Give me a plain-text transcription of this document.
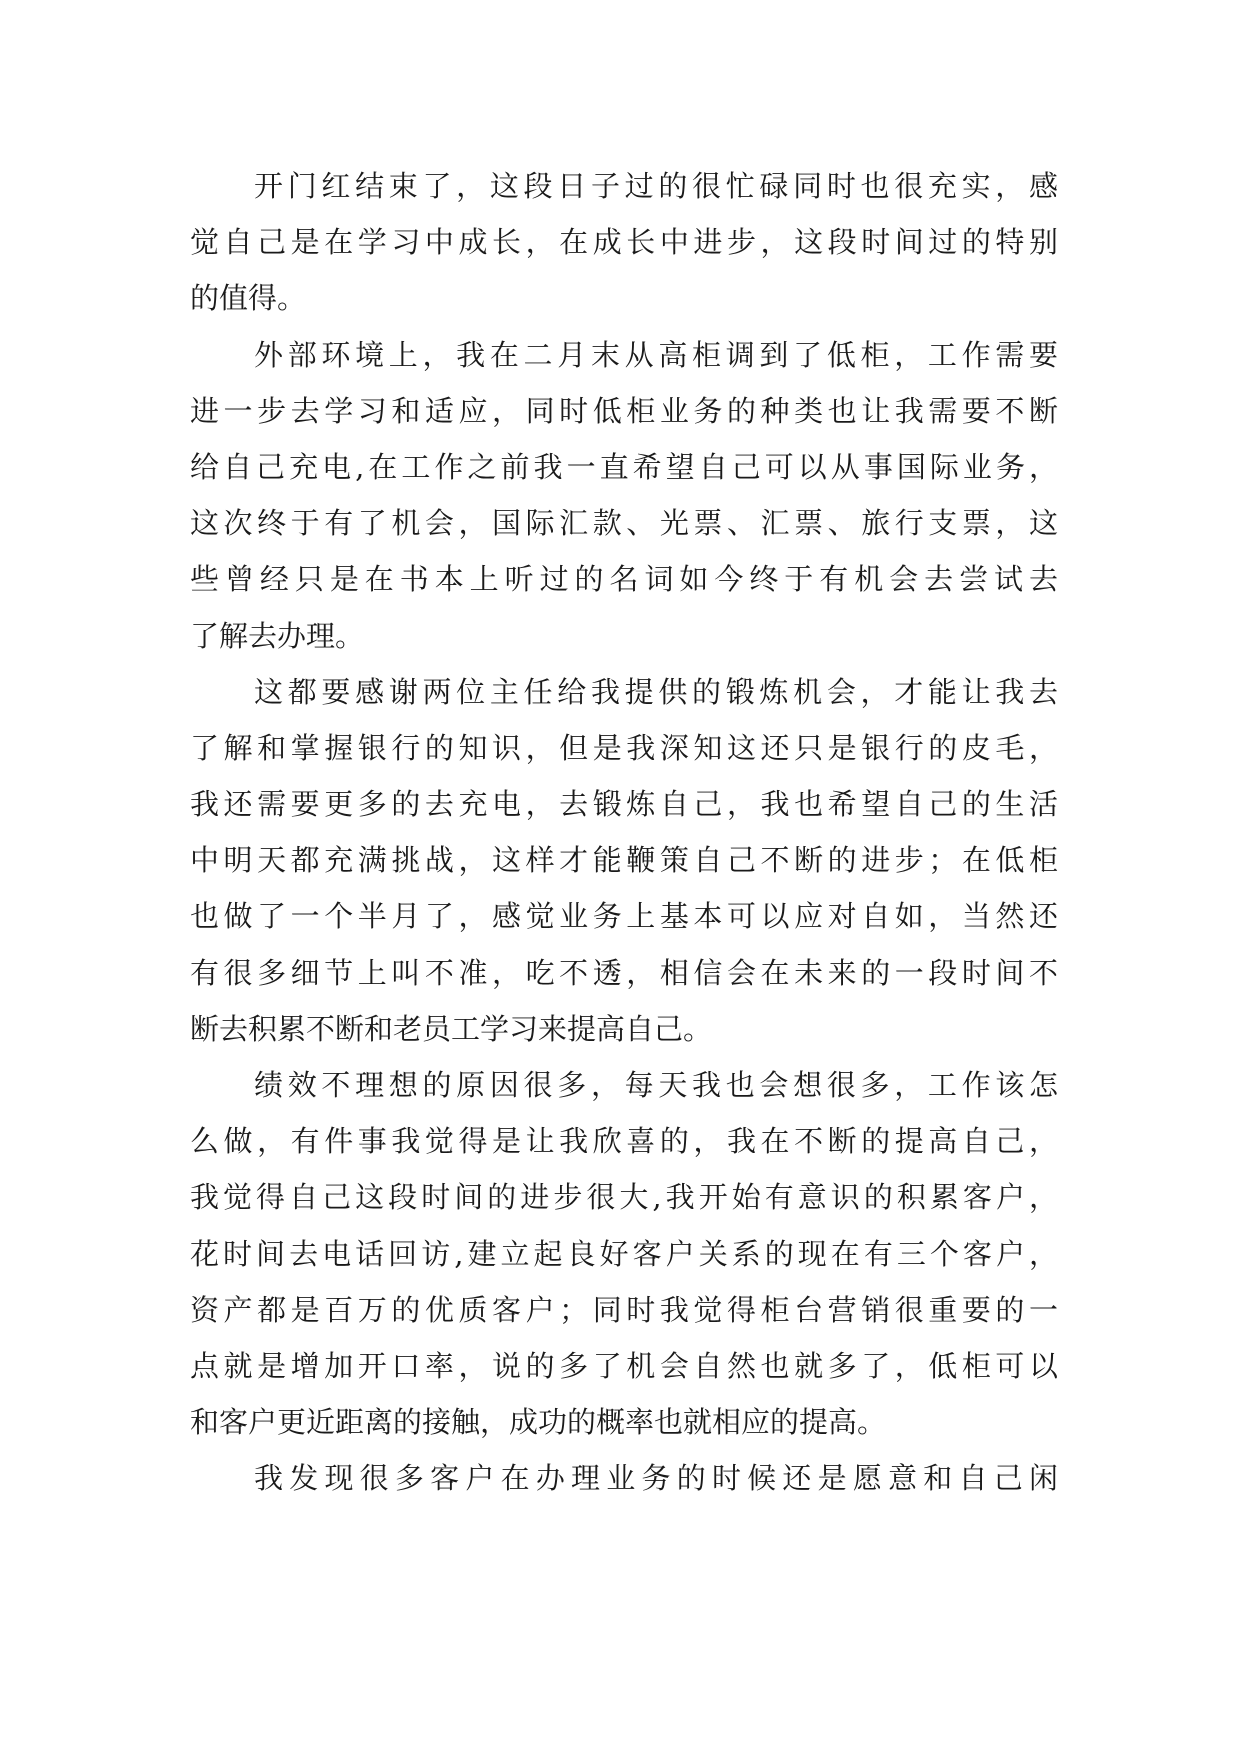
开门红结束了，这段日子过的很忙碌同时也很充实，感
觉自己是在学习中成长，在成长中进步，这段时间过的特别
的值得。
外部环境上，我在二月末从高柜调到了低柜，工作需要
进一步去学习和适应，同时低柜业务的种类也让我需要不断
给自己充电,在工作之前我一直希望自己可以从事国际业务，
这次终于有了机会，国际汇款、光票、汇票、旅行支票，这
些曾经只是在书本上听过的名词如今终于有机会去尝试去
了解去办理。
这都要感谢两位主任给我提供的锻炼机会，才能让我去
了解和掌握银行的知识，但是我深知这还只是银行的皮毛，
我还需要更多的去充电，去锻炼自己，我也希望自己的生活
中明天都充满挑战，这样才能鞭策自己不断的进步；在低柜
也做了一个半月了，感觉业务上基本可以应对自如，当然还
有很多细节上叫不准，吃不透，相信会在未来的一段时间不
断去积累不断和老员工学习来提高自己。
绩效不理想的原因很多，每天我也会想很多，工作该怎
么做，有件事我觉得是让我欣喜的，我在不断的提高自己，
我觉得自己这段时间的进步很大,我开始有意识的积累客户，
花时间去电话回访,建立起良好客户关系的现在有三个客户，
资产都是百万的优质客户；同时我觉得柜台营销很重要的一
点就是增加开口率，说的多了机会自然也就多了，低柜可以
和客户更近距离的接触，成功的概率也就相应的提高。
我发现很多客户在办理业务的时候还是愿意和自己闲
